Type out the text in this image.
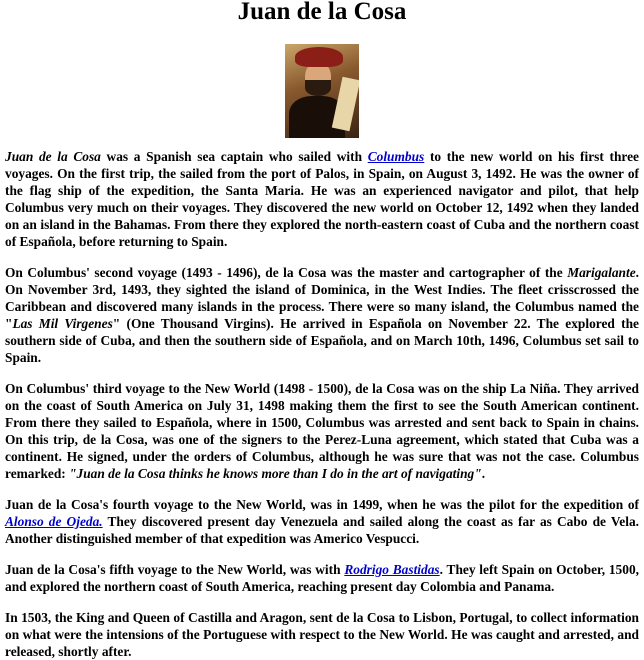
Juan de la Cosa

Juan de la Cosa was a Spanish sea captain who sailed with Columbus to the new world on his first three voyages. On the first trip, the sailed from the port of Palos, in Spain, on August 3, 1492. He was the owner of the flag ship of the expedition, the Santa Maria. He was an experienced navigator and pilot, that help Columbus very much on their voyages. They discovered the new world on October 12, 1492 when they landed on an island in the Bahamas. From there they explored the north-eastern coast of Cuba and the northern coast of Española, before returning to Spain.

On Columbus' second voyage (1493 - 1496), de la Cosa was the master and cartographer of the Marigalante. On November 3rd, 1493, they sighted the island of Dominica, in the West Indies. The fleet crisscrossed the Caribbean and discovered many islands in the process. There were so many island, the Columbus named the "Las Mil Virgenes" (One Thousand Virgins). He arrived in Española on November 22. The explored the southern side of Cuba, and then the southern side of Española, and on March 10th, 1496, Columbus set sail to Spain.

On Columbus' third voyage to the New World (1498 - 1500), de la Cosa was on the ship La Niña. They arrived on the coast of South America on July 31, 1498 making them the first to see the South American continent. From there they sailed to Española, where in 1500, Columbus was arrested and sent back to Spain in chains. On this trip, de la Cosa, was one of the signers to the Perez-Luna agreement, which stated that Cuba was a continent. He signed, under the orders of Columbus, although he was sure that was not the case. Columbus remarked: "Juan de la Cosa thinks he knows more than I do in the art of navigating".

Juan de la Cosa's fourth voyage to the New World, was in 1499, when he was the pilot for the expedition of Alonso de Ojeda. They discovered present day Venezuela and sailed along the coast as far as Cabo de Vela. Another distinguished member of that expedition was Americo Vespucci.

Juan de la Cosa's fifth voyage to the New World, was with Rodrigo Bastidas. They left Spain on October, 1500, and explored the northern coast of South America, reaching present day Colombia and Panama.

In 1503, the King and Queen of Castilla and Aragon, sent de la Cosa to Lisbon, Portugal, to collect information on what were the intensions of the Portuguese with respect to the New World. He was caught and arrested, and released, shortly after.
